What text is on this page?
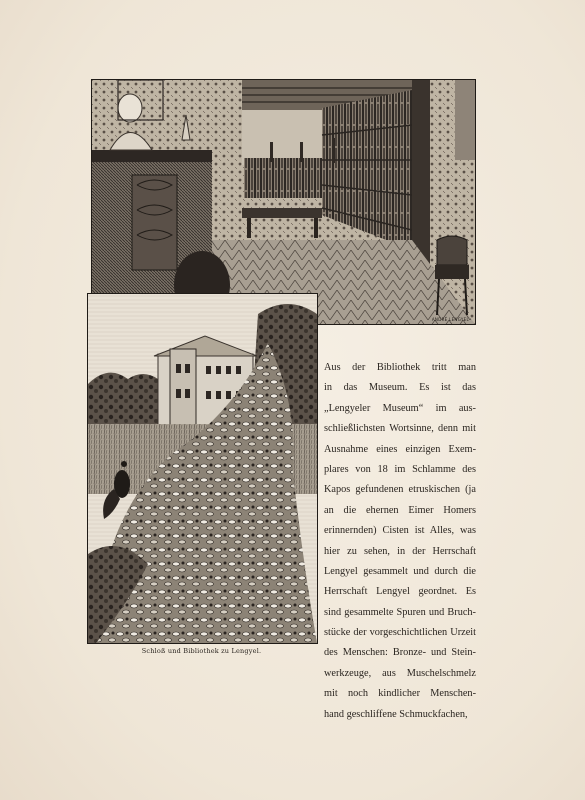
ANDRÉ LENGYEL
Schloß und Bibliothek zu Lengyel.
Aus der Bibliothek tritt man
in das Museum. Es ist das
„Lengyeler Museum“ im aus-
schließlichsten Wortsinne, denn mit
Ausnahme eines einzigen Exem-
plares von 18 im Schlamme des
Kapos gefundenen etruskischen (ja
an die ehernen Eimer Homers
erinnernden) Cisten ist Alles, was
hier zu sehen, in der Herrschaft
Lengyel gesammelt und durch die
Herrschaft Lengyel geordnet. Es
sind gesammelte Spuren und Bruch-
stücke der vorgeschichtlichen Urzeit
des Menschen: Bronze- und Stein-
werkzeuge, aus Muschelschmelz
mit noch kindlicher Menschen-
hand geschliffene Schmuckfachen,
